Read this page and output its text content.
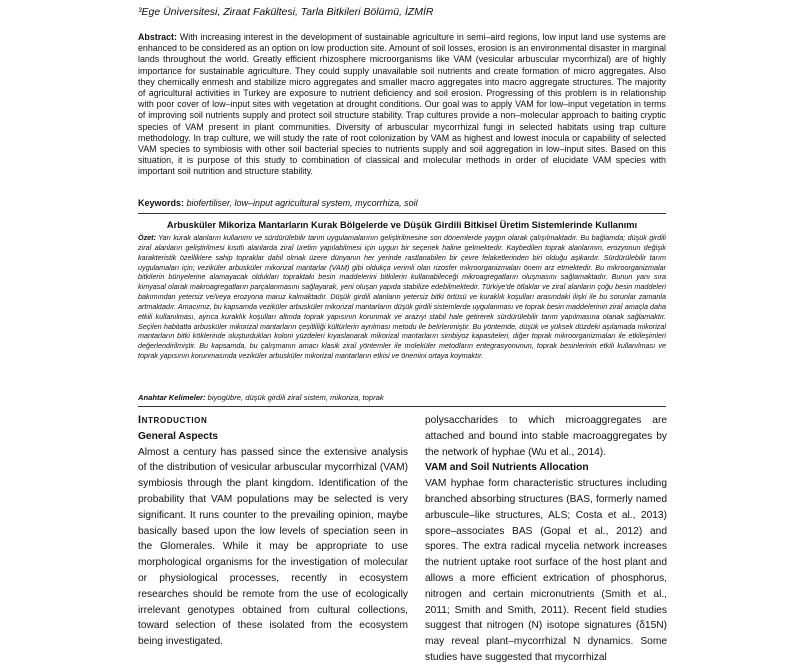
³Ege Üniversitesi, Ziraat Fakültesi, Tarla Bitkileri Bölümü, İZMİR
Abstract: With increasing interest in the development of sustainable agriculture in semi–aird regions, low input land use systems are enhanced to be considered as an option on low production site. Amount of soil losses, erosion is an environmental disaster in marginal lands throughout the world. Greatly efficient rhizosphere microorganisms like VAM (vesicular arbuscular mycorrhizal) are of highly importance for sustainable agriculture. They could supply unavailable soil nutrients and create formation of micro aggregates. Also they chemically enmesh and stabilize micro aggregates and smaller macro aggregates into macro aggregate structures. The majority of agricultural activities in Turkey are exposure to nutrient deficiency and soil erosion. Progressing of this problem is in relationship with poor cover of low–input sites with vegetation at drought conditions. Our goal was to apply VAM for low–input vegetation in terms of improving soil nutrients supply and protect soil structure stability. Trap cultures provide a non–molecular approach to baiting cryptic species of VAM present in plant communities. Diversity of arbuscular mycorrhizal fungi in selected habitats using trap culture methodology. In trap culture, we will study the rate of root colonization by VAM as highest and lowest inocula or capability of selected VAM species to symbiosis with other soil bacterial species to nutrients supply and soil aggregation in low–input sites. Based on this situation, it is purpose of this study to combination of classical and molecular methods in order of elucidate VAM species with important soil nutrition and structure stability.
Keywords: biofertiliser, low–input agricultural system, mycorrhiza, soil
Arbusküler Mikoriza Mantarların Kurak Bölgelerde ve Düşük Girdili Bitkisel Üretim Sistemlerinde Kullanımı
Özet: Yarı kurak alanların kullanımı ve sürdürülebilir tarım uygulamalarının geliştirilmesine son dönemlerde yaygın olarak çalışılmaktadır. Bu bağlamda; düşük girdili ziraî alanların geliştirilmesi kısıtlı alanlarda ziraî üretim yapılabilmesi için uygun bir seçenek haline gelmektedir. Kaybedilen toprak alanlarının, erozyonun değişik karakteristik özelliklere sahip topraklar dahil olmak üzere dünyanın her yerinde rastlanabilen bir çevre felaketlerinden biri olduğu aşikardır. Sürdürülebilir tarım uygulamaları için; veziküler arbusküler mikorizal mantarlar (VAM) gibi oldukça verimli olan rizosfer mikroorganizmaları önem arz etmektedir. Bu mikroorganizmalar bitkilerin bünyelerine alamayacak oldukları topraktaki besin maddelerini bitkilerin kullanabileceği mikroagregatların oluşmasını sağlamaktadır. Bunun yanı sıra kimyasal olarak makroagregatların parçalanmasını sağlayarak, yeni oluşan yapıda stabilize edebilmektedir. Türkiye'de ötlaklar ve ziraî alanların çoğu besin maddeleri bakımından yetersiz ve/veya erozyona maruz kalmaktadır. Düşük girdili alanların yetersiz bitki örtüsü ve kuraklık koşulları arasındaki ilişki ile bu sorunlar zamanla artmaktadır. Amacımız, bu kapsamda veziküler arbusküler mikorizal mantarların düşük girdili sistemlerde uygulanması ve toprak besin maddelerinin ziraî amaçla daha etkili kullanılması, ayrıca kuraklık koşulları altında toprak yapısının korunmak ve arazıyi stabil hale getirerek sürdürülebilir tarım yapılmasına olanak sağlamaktır. Seçilen habitatta arbusküler mikorizal mantarların çeşitliliği kültürlerin ayrılması metodu ile belirlenmiştir. Bu yöntemde, düşük ve yüksek düzdeki aşılamada mikorizal mantarların bitki köklerinde oluşturdukları koloni yüzdeleri kıyaslanarak mikorizal mantarların simbiyoz kapasiteleri, diğer toprak mikroorganizmaları ile etkileşimleri değerlendirilmiştir. Bu kapsamda, bu çalışmanın amacı klasik ziraî yöntemler ile moleküler metodların entegrasyonunun, toprak besinlerinin etkili kullanılması ve toprak yapısının korunmasında veziküler arbusküler mikorizal mantarların etkisi ve önemini ortaya koymaktır.
Anahtar Kelimeler: biyogübre, düşük girdili ziraî sistem, mikoriza, toprak

Introduction

General Aspects

Almost a century has passed since the extensive analysis of the distribution of vesicular arbuscular mycorrhizal (VAM) symbiosis through the plant kingdom. Identification of the probability that VAM populations may be selected is very significant. It runs counter to the prevailing opinion, maybe basically based upon the low levels of speciation seen in the Glomerales. While it may be appropriate to use morphological organisms for the investigation of molecular or physiological processes, recently in ecosystem researches should be remote from the use of ecologically irrelevant genotypes obtained from cultural collections, toward selection of these isolated from the ecosystem being investigated.

polysaccharides to which microaggregates are attached and bound into stable macroaggregates by the network of hyphae (Wu et al., 2014).

VAM and Soil Nutrients Allocation

VAM hyphae form characteristic structures including branched absorbing structures (BAS, formerly named arbuscule–like structures, ALS; Costa et al., 2013) spore–associates BAS (Gopal et al., 2012) and spores. The extra radical mycelia network increases the nutrient uptake root surface of the host plant and allows a more efficient extrication of phosphorus, nitrogen and certain micronutrients (Smith et al., 2011; Smith and Smith, 2011). Recent field studies suggest that nitrogen (N) isotope signatures (δ15N) may reveal plant–mycorrhizal N dynamics. Some studies have suggested that mycorrhizal
